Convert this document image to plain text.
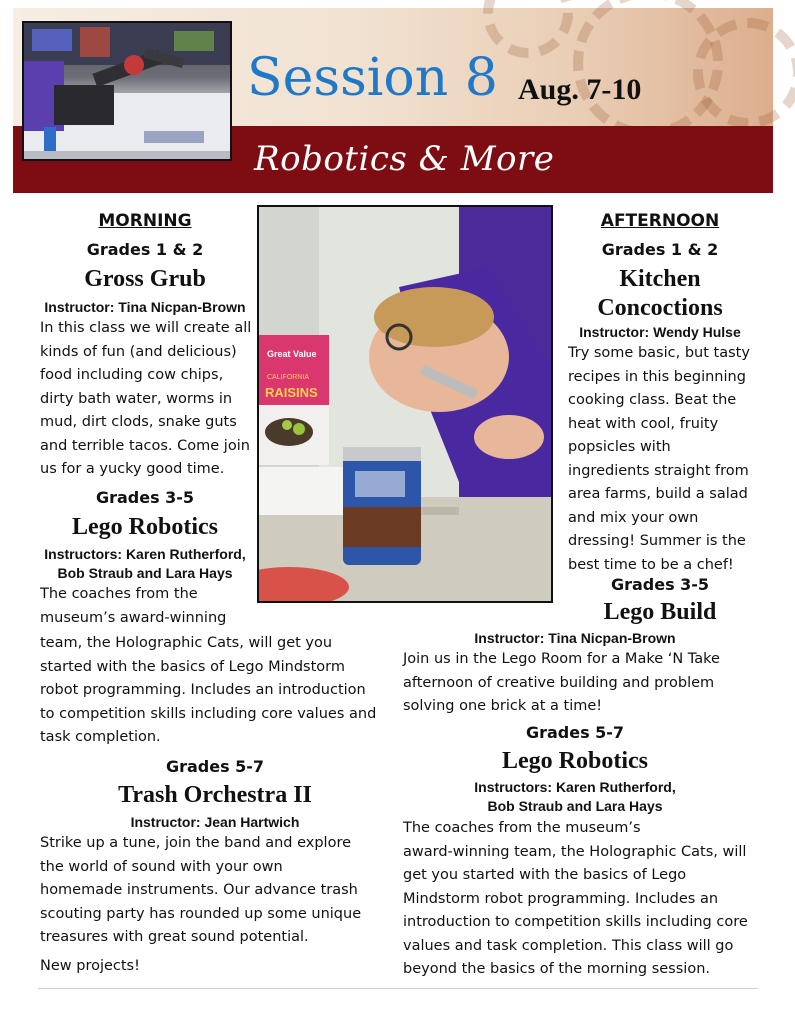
Session 8 Aug. 7-10
Robotics & More
Great Value
CALIFORNIA
RAISINS
MORNING
Grades 1 & 2
Gross Grub
Instructor: Tina Nicpan-Brown
In this class we will create all
kinds of fun (and delicious)
food including cow chips,
dirty bath water, worms in
mud, dirt clods, snake guts
and terrible tacos. Come join
us for a yucky good time.
Grades 3-5
Lego Robotics
Instructors: Karen Rutherford,
Bob Straub and Lara Hays
The coaches from the
museum’s award-winning
team, the Holographic Cats, will get you
started with the basics of Lego Mindstorm
robot programming. Includes an introduction
to competition skills including core values and
task completion.
Grades 5-7
Trash Orchestra II
Instructor: Jean Hartwich
Strike up a tune, join the band and explore
the world of sound with your own
homemade instruments. Our advance trash
scouting party has rounded up some unique
treasures with great sound potential.
New projects!
AFTERNOON
Grades 1 & 2
Kitchen
Concoctions
Instructor: Wendy Hulse
Try some basic, but tasty
recipes in this beginning
cooking class. Beat the
heat with cool, fruity
popsicles with
ingredients straight from
area farms, build a salad
and mix your own
dressing! Summer is the
best time to be a chef!
Grades 3-5
Lego Build
Instructor: Tina Nicpan-Brown
Join us in the Lego Room for a Make ‘N Take
afternoon of creative building and problem
solving one brick at a time!
Grades 5-7
Lego Robotics
Instructors: Karen Rutherford,
Bob Straub and Lara Hays
The coaches from the museum’s
award-winning team, the Holographic Cats, will
get you started with the basics of Lego
Mindstorm robot programming. Includes an
introduction to competition skills including core
values and task completion. This class will go
beyond the basics of the morning session.
